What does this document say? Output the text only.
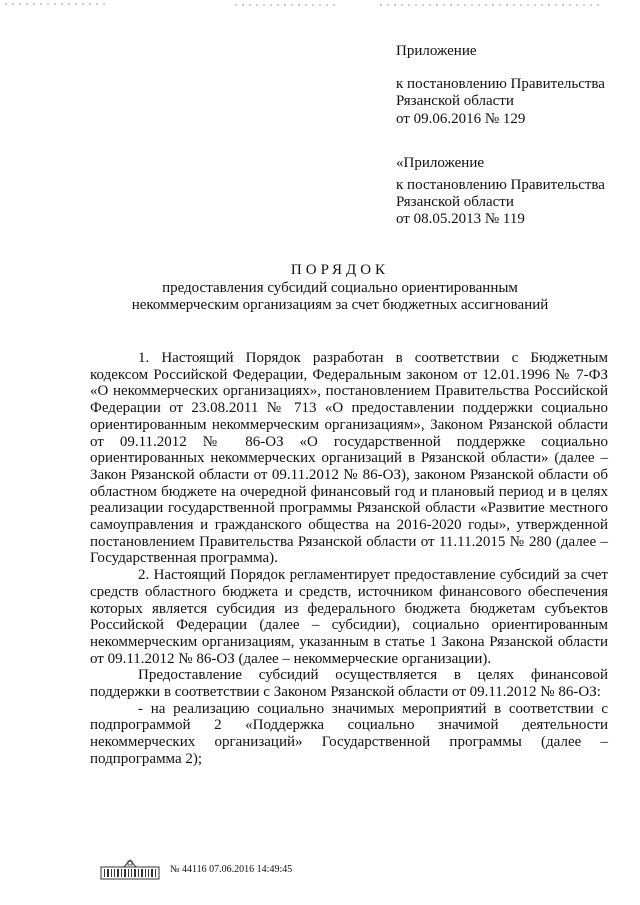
Приложение
к постановлению Правительства
Рязанской области
от 09.06.2016 № 129
«Приложение
к постановлению Правительства
Рязанской области
от 08.05.2013 № 119
ПОРЯДОК
предоставления субсидий социально ориентированным
некоммерческим организациям за счет бюджетных ассигнований

1. Настоящий Порядок разработан в соответствии с Бюджетным кодексом Российской Федерации, Федеральным законом от 12.01.1996 № 7-ФЗ «О некоммерческих организациях», постановлением Правительства Российской Федерации от 23.08.2011 № 713 «О предоставлении поддержки социально ориентированным некоммерческим организациям», Законом Рязанской области от 09.11.2012 № 86-ОЗ «О государственной поддержке социально ориентированных некоммерческих организаций в Рязанской области» (далее – Закон Рязанской области от 09.11.2012 № 86-ОЗ), законом Рязанской области об областном бюджете на очередной финансовый год и плановый период и в целях реализации государственной программы Рязанской области «Развитие местного самоуправления и гражданского общества на 2016-2020 годы», утвержденной постановлением Правительства Рязанской области от 11.11.2015 № 280 (далее – Государственная программа).

2. Настоящий Порядок регламентирует предоставление субсидий за счет средств областного бюджета и средств, источником финансового обеспечения которых является субсидия из федерального бюджета бюджетам субъектов Российской Федерации (далее – субсидии), социально ориентированным некоммерческим организациям, указанным в статье 1 Закона Рязанской области от 09.11.2012 № 86-ОЗ (далее – некоммерческие организации).

Предоставление субсидий осуществляется в целях финансовой поддержки в соответствии с Законом Рязанской области от 09.11.2012 № 86-ОЗ:

- на реализацию социально значимых мероприятий в соответствии с подпрограммой 2 «Поддержка социально значимой деятельности некоммерческих организаций» Государственной программы (далее – подпрограмма 2);

№ 44116 07.06.2016 14:49:45
